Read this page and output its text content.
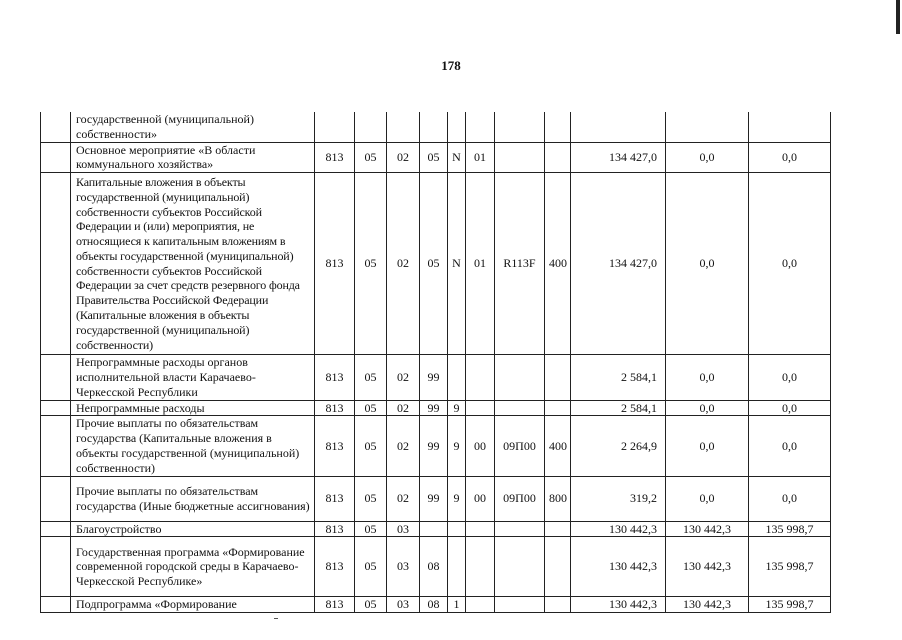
178
	государственной (муниципальной) собственности»											
	Основное мероприятие «В области коммунального хозяйства»	813	05	02	05	N	01			134 427,0	0,0	0,0
	Капитальные вложения в объекты государственной (муниципальной) собственности субъектов Российской Федерации и (или) мероприятия, не относящиеся к капитальным вложениям в объекты государственной (муниципальной) собственности субъектов Российской Федерации за счет средств резервного фонда Правительства Российской Федерации (Капитальные вложения в объекты государственной (муниципальной) собственности)	813	05	02	05	N	01	R113F	400	134 427,0	0,0	0,0
	Непрограммные расходы органов исполнительной власти Карачаево-Черкесской Республики	813	05	02	99					2 584,1	0,0	0,0
	Непрограммные расходы	813	05	02	99	9				2 584,1	0,0	0,0
	Прочие выплаты по обязательствам государства (Капитальные вложения в объекты государственной (муниципальной) собственности)	813	05	02	99	9	00	09П00	400	2 264,9	0,0	0,0
	Прочие выплаты по обязательствам государства (Иные бюджетные ассигнования)	813	05	02	99	9	00	09П00	800	319,2	0,0	0,0
	Благоустройство	813	05	03						130 442,3	130 442,3	135 998,7
	Государственная программа «Формирование современной городской среды в Карачаево-Черкесской Республике»	813	05	03	08					130 442,3	130 442,3	135 998,7
	Подпрограмма «Формирование	813	05	03	08	1				130 442,3	130 442,3	135 998,7
